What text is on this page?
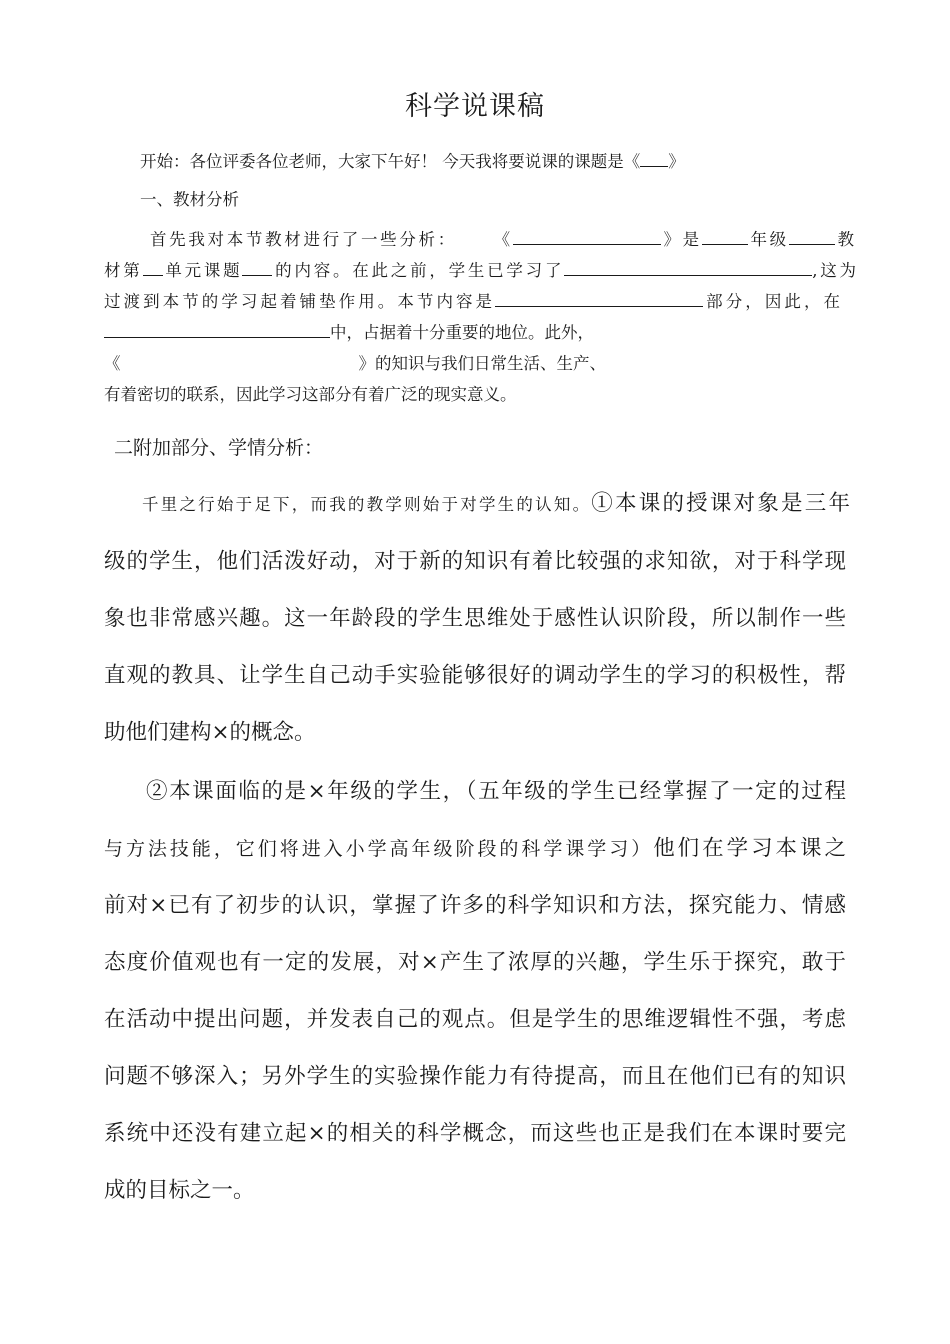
科学说课稿
开始：各位评委各位老师，大家下午好！ 今天我将要说课的课题是《 》
一、教材分析
首先我对本节教材进行了一些分析： 《	》是	年级	教
材第 单元课题 的内容。在此之前，学生已学习了	,这为
过渡到本节的学习起着铺垫作用。本节内容是	部分，因此，在
中，占据着十分重要的地位。此外，
《	》的知识与我们日常生活、生产、
有着密切的联系，因此学习这部分有着广泛的现实意义。
二附加部分、学情分析：
千里之行始于足下，而我的教学则始于对学生的认知。①本课的授课对象是三年
级的学生，他们活泼好动，对于新的知识有着比较强的求知欲，对于科学现
象也非常感兴趣。这一年龄段的学生思维处于感性认识阶段，所以制作一些
直观的教具、让学生自己动手实验能够很好的调动学生的学习的积极性，帮
助他们建构×的概念。
②本课面临的是×年级的学生，（五年级的学生已经掌握了一定的过程
与方法技能，它们将进入小学高年级阶段的科学课学习）他们在学习本课之
前对×已有了初步的认识，掌握了许多的科学知识和方法，探究能力、情感
态度价值观也有一定的发展，对×产生了浓厚的兴趣，学生乐于探究，敢于
在活动中提出问题，并发表自己的观点。但是学生的思维逻辑性不强，考虑
问题不够深入；另外学生的实验操作能力有待提高，而且在他们已有的知识
系统中还没有建立起×的相关的科学概念，而这些也正是我们在本课时要完
成的目标之一。
